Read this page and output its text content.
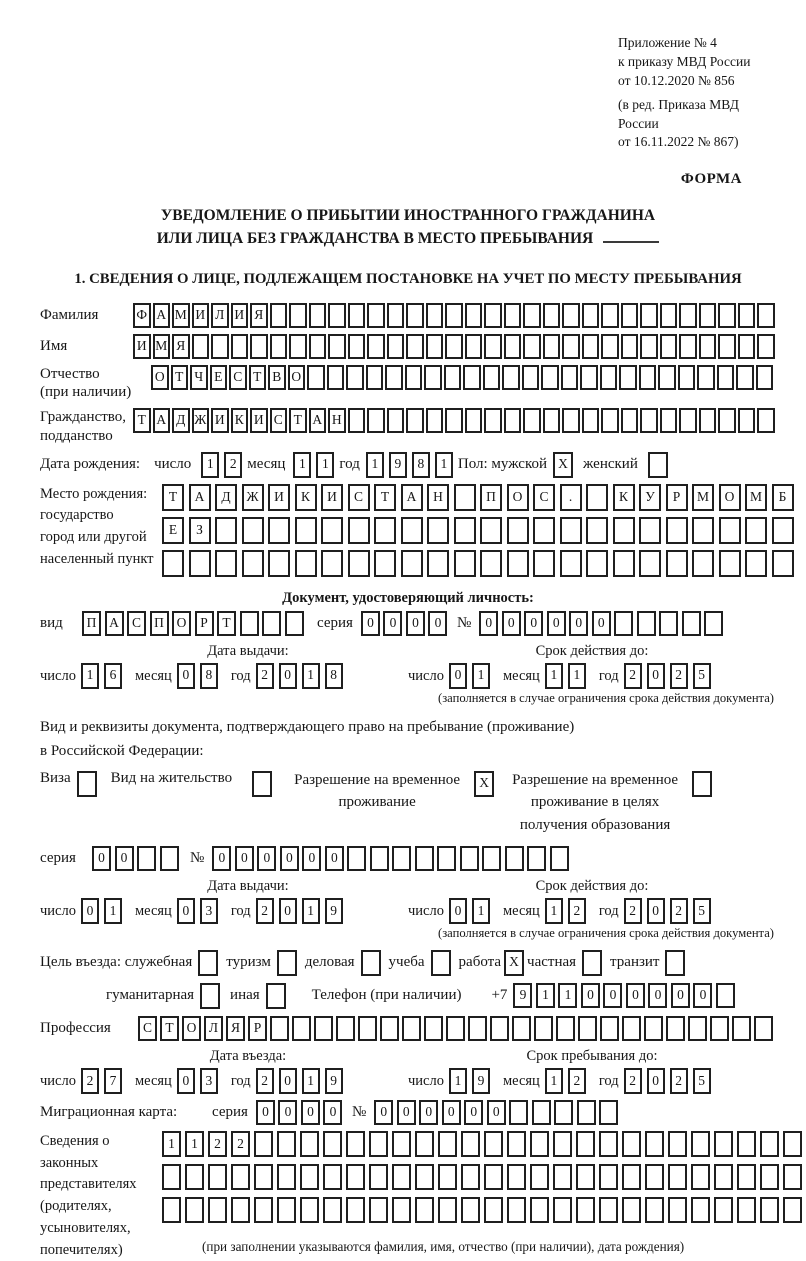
Приложение № 4
к приказу МВД России
от 10.12.2020 № 856
(в ред. Приказа МВД России
от 16.11.2022 № 867)
ФОРМА
УВЕДОМЛЕНИЕ О ПРИБЫТИИ ИНОСТРАННОГО ГРАЖДАНИНА
ИЛИ ЛИЦА БЕЗ ГРАЖДАНСТВА В МЕСТО ПРЕБЫВАНИЯ
1. СВЕДЕНИЯ О ЛИЦЕ, ПОДЛЕЖАЩЕМ ПОСТАНОВКЕ НА УЧЕТ ПО МЕСТУ ПРЕБЫВАНИЯ
Фамилия	Ф А М И Л И Я
Имя	И М Я
Отчество
(при наличии)
О Т Ч Е С Т В О
Гражданство,
подданство
Т А Д Ж И К И С Т А Н
Дата рождения: число	1	2 месяц	1	1 год 1	9	8	1 Пол: мужской X	женский
Место рождения:
государство
город или другой
населенный пункт
Т	А	Д	Ж	И	К	И	С	Т	А	Н	П	О	С	.	К	У	Р	М	О	М	Б
Е	З
Документ, удостоверяющий личность:
вид	П А С П О	Р	Т	серия	0	0	0	0	№	0	0	0	0	0	0
Дата выдачи:
число 1	6	месяц 0	8	год 2	0	1	8
Срок действия до:
число 0	1	месяц 1	1	год 2	0	2	5
(заполняется в случае ограничения срока действия документа)
Вид и реквизиты документа, подтверждающего право на пребывание (проживание)
в Российской Федерации:
Виза	Вид на жительство	Разрешение на временное
проживание
X	Разрешение на временное
проживание в целях
получения образования
серия	0	0	№	0	0	0	0	0	0
Дата выдачи:
число 0	1	месяц 0	3	год 2	0	1	9
Срок действия до:
число 0	1	месяц 1	2	год 2	0	2	5
(заполняется в случае ограничения срока действия документа)
Цель въезда: служебная туризм деловая учеба работа X частная транзит
гуманитарная иная	Телефон (при наличии) +7 9	1	1	0	0	0	0	0	0
Профессия	С Т О Л Я	Р
Дата въезда:
число 2	7	месяц 0	3	год 2	0	1	9
Срок пребывания до:
число 1	9	месяц 1	2	год 2	0	2	5
Миграционная карта:	серия	0	0	0	0	№	0	0	0	0	0	0
Сведения о
законных
представителях
(родителях,
усыновителях,
попечителях)
1	1	2	2
(при заполнении указываются фамилия, имя, отчество (при наличии), дата рождения)
